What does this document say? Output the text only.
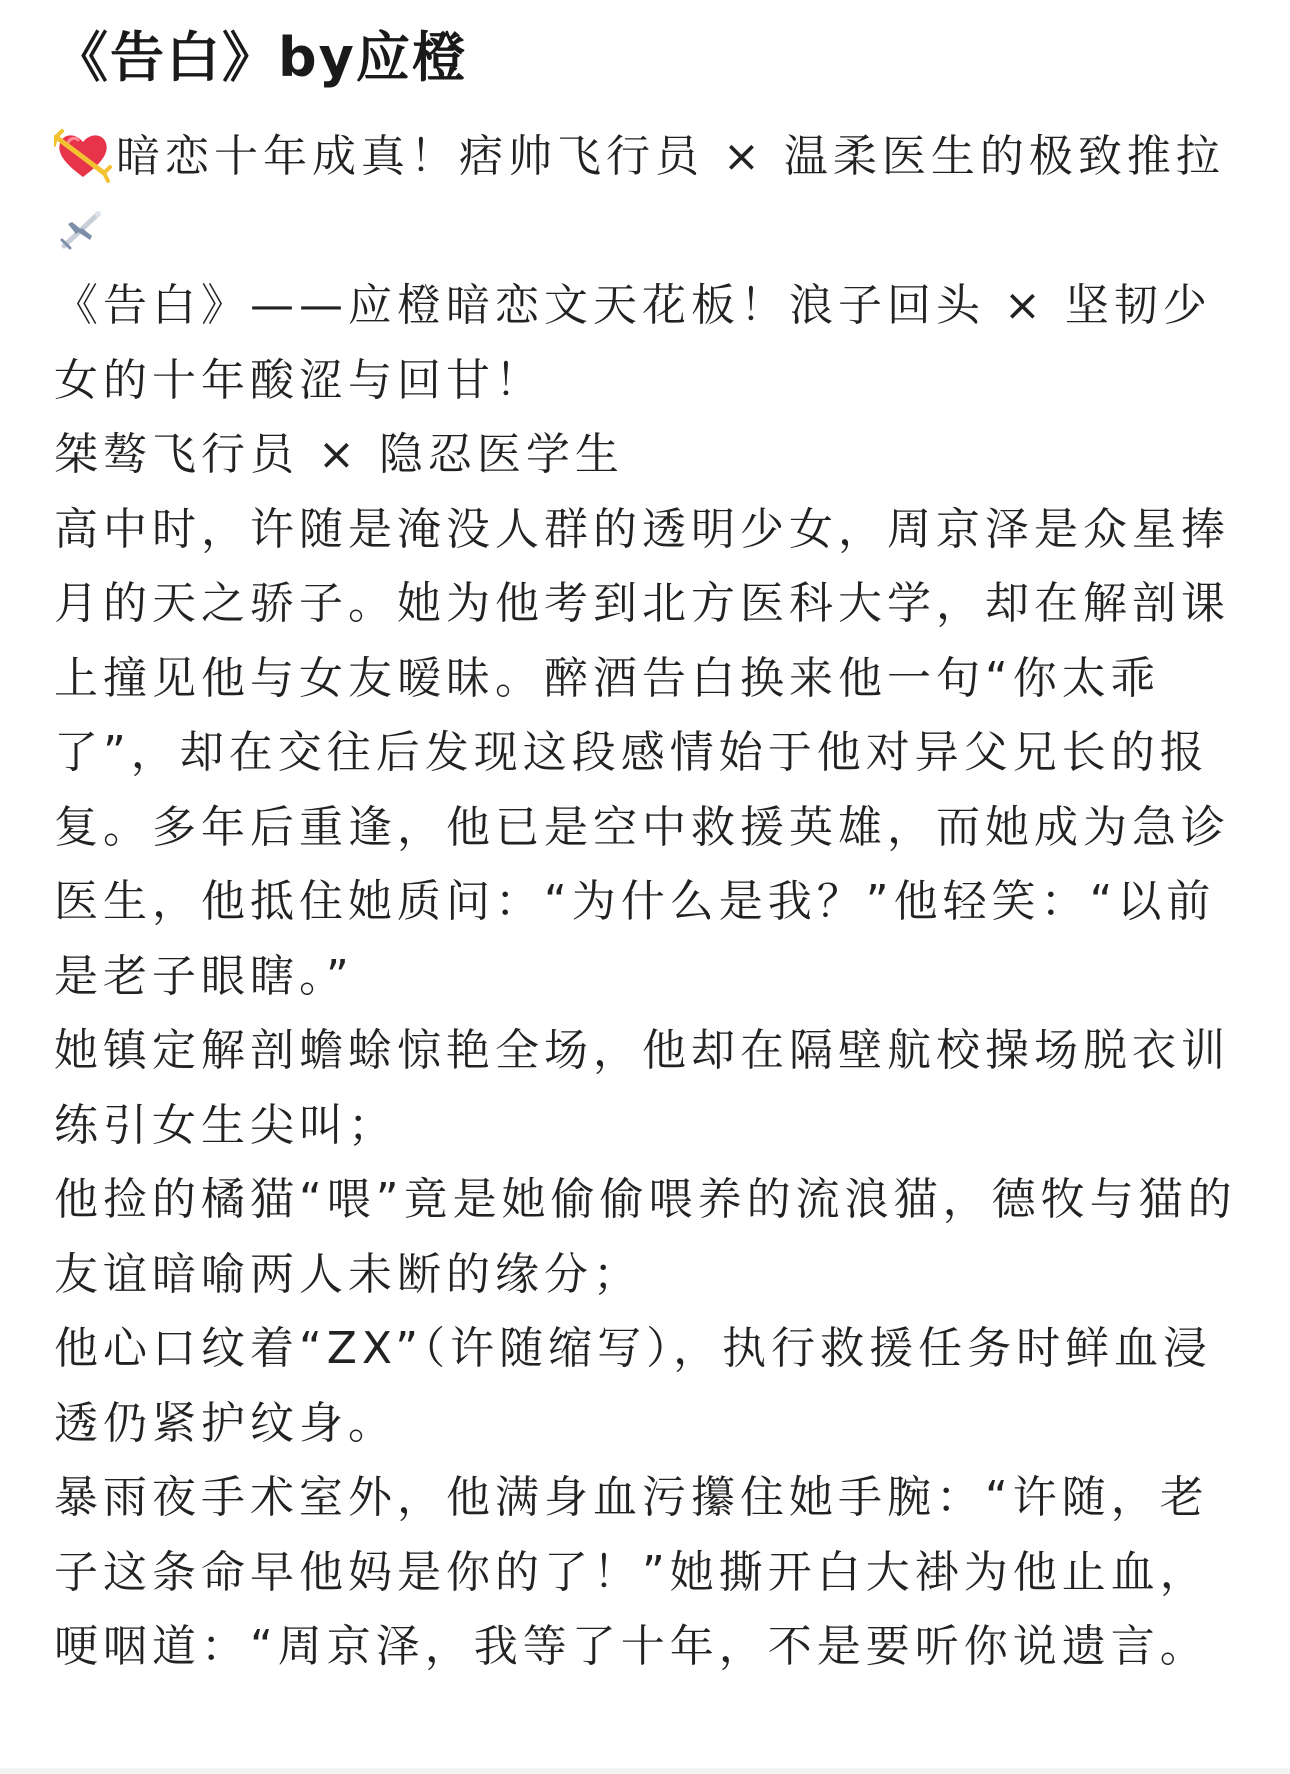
《告白》by应橙

暗恋十年成真！痞帅飞行员 × 温柔医生的极致推拉

《告白》——应橙暗恋文天花板！浪子回头 × 坚韧少女的十年酸涩与回甘！

桀骜飞行员 × 隐忍医学生

高中时，许随是淹没人群的透明少女，周京泽是众星捧月的天之骄子。她为他考到北方医科大学，却在解剖课上撞见他与女友暧昧。醉酒告白换来他一句“你太乖了”，却在交往后发现这段感情始于他对异父兄长的报复。多年后重逢，他已是空中救援英雄，而她成为急诊医生，他抵住她质问：“为什么是我？”他轻笑：“以前是老子眼瞎。”

她镇定解剖蟾蜍惊艳全场，他却在隔壁航校操场脱衣训练引女生尖叫；

他捡的橘猫“喂”竟是她偷偷喂养的流浪猫，德牧与猫的友谊暗喻两人未断的缘分；

他心口纹着“ZX”（许随缩写），执行救援任务时鲜血浸透仍紧护纹身。

暴雨夜手术室外，他满身血污攥住她手腕：“许随，老子这条命早他妈是你的了！”她撕开白大褂为他止血，哽咽道：“周京泽，我等了十年，不是要听你说遗言。
